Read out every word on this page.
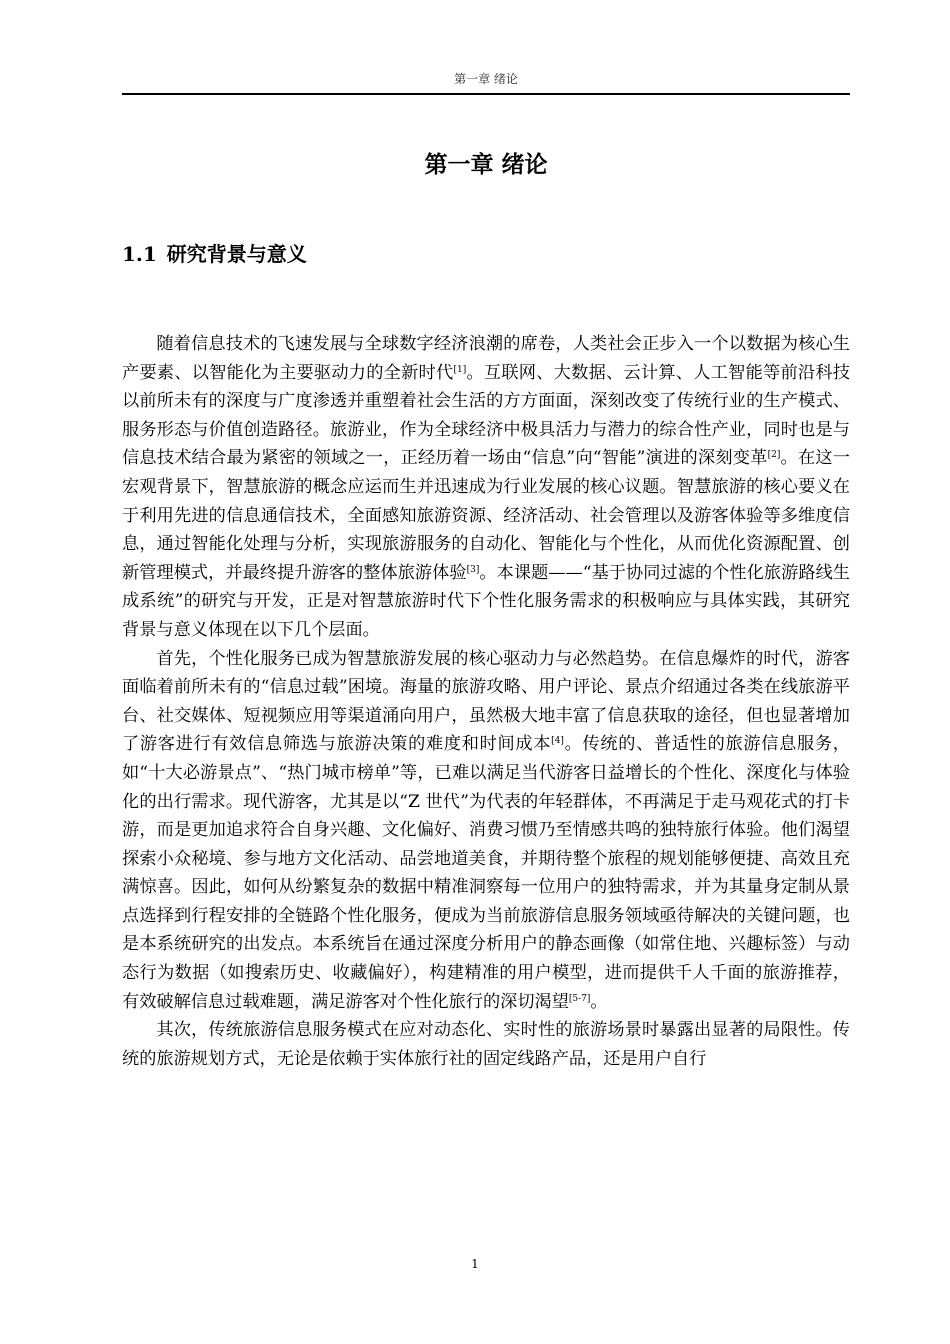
第一章 绪论
第一章 绪论
1.1 研究背景与意义

随着信息技术的飞速发展与全球数字经济浪潮的席卷，人类社会正步入一个以数据为核心生产要素、以智能化为主要驱动力的全新时代[1]。互联网、大数据、云计算、人工智能等前沿科技以前所未有的深度与广度渗透并重塑着社会生活的方方面面，深刻改变了传统行业的生产模式、服务形态与价值创造路径。旅游业，作为全球经济中极具活力与潜力的综合性产业，同时也是与信息技术结合最为紧密的领域之一，正经历着一场由“信息”向“智能”演进的深刻变革[2]。在这一宏观背景下，智慧旅游的概念应运而生并迅速成为行业发展的核心议题。智慧旅游的核心要义在于利用先进的信息通信技术，全面感知旅游资源、经济活动、社会管理以及游客体验等多维度信息，通过智能化处理与分析，实现旅游服务的自动化、智能化与个性化，从而优化资源配置、创新管理模式，并最终提升游客的整体旅游体验[3]。本课题——“基于协同过滤的个性化旅游路线生成系统”的研究与开发，正是对智慧旅游时代下个性化服务需求的积极响应与具体实践，其研究背景与意义体现在以下几个层面。

首先，个性化服务已成为智慧旅游发展的核心驱动力与必然趋势。在信息爆炸的时代，游客面临着前所未有的“信息过载”困境。海量的旅游攻略、用户评论、景点介绍通过各类在线旅游平台、社交媒体、短视频应用等渠道涌向用户，虽然极大地丰富了信息获取的途径，但也显著增加了游客进行有效信息筛选与旅游决策的难度和时间成本[4]。传统的、普适性的旅游信息服务，如“十大必游景点”、“热门城市榜单”等，已难以满足当代游客日益增长的个性化、深度化与体验化的出行需求。现代游客，尤其是以“Z 世代”为代表的年轻群体，不再满足于走马观花式的打卡游，而是更加追求符合自身兴趣、文化偏好、消费习惯乃至情感共鸣的独特旅行体验。他们渴望探索小众秘境、参与地方文化活动、品尝地道美食，并期待整个旅程的规划能够便捷、高效且充满惊喜。因此，如何从纷繁复杂的数据中精准洞察每一位用户的独特需求，并为其量身定制从景点选择到行程安排的全链路个性化服务，便成为当前旅游信息服务领域亟待解决的关键问题，也是本系统研究的出发点。本系统旨在通过深度分析用户的静态画像（如常住地、兴趣标签）与动态行为数据（如搜索历史、收藏偏好），构建精准的用户模型，进而提供千人千面的旅游推荐，有效破解信息过载难题，满足游客对个性化旅行的深切渴望[5-7]。

其次，传统旅游信息服务模式在应对动态化、实时性的旅游场景时暴露出显著的局限性。传统的旅游规划方式，无论是依赖于实体旅行社的固定线路产品，还是用户自行

1
